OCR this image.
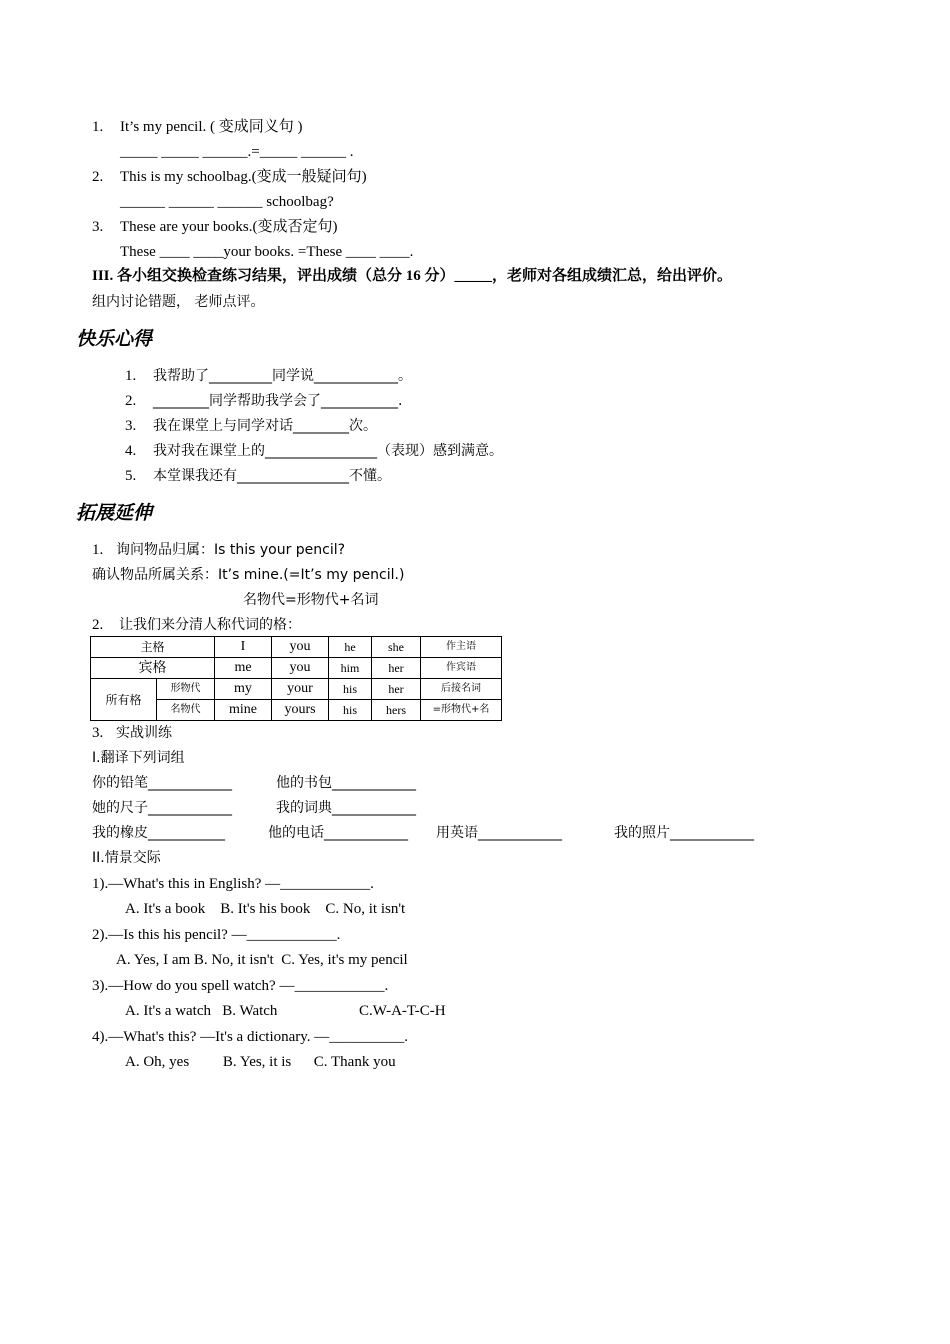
1. It’s my pencil. ( 变成同义句 )
_____ _____ ______.=_____ ______ .
2. This is my schoolbag.(变成一般疑问句)
______ ______ ______ schoolbag?
3. These are your books.(变成否定句)
These ____ ____your books. =These ____ ____.
III. 各小组交换检查练习结果，评出成绩（总分 16 分）_____，老师对各组成绩汇总，给出评价。
组内讨论错题， 老师点评。
快乐心得
1. 我帮助了_________同学说____________。
2. ________同学帮助我学会了___________.
3. 我在课堂上与同学对话________次。
4. 我对我在课堂上的________________（表现）感到满意。
5. 本堂课我还有________________不懂。
拓展延伸
1. 询问物品归属：Is this your pencil?
确认物品所属关系：It’s mine.(=It’s my pencil.)
名物代=形物代+名词
2. 让我们来分清人称代词的格：
主格		I	you	he	she	作主语
宾格		me	you	him	her	作宾语
所有格	形物代	my	your	his	her	后接名词
	名物代	mine	yours	his	hers	=形物代+名
3. 实战训练
I.翻译下列词组
你的铅笔____________	他的书包____________
她的尺子____________	我的词典____________
我的橡皮___________	他的电话____________ 用英语____________	我的照片____________
II.情景交际
1).—What's this in English? —____________.
A. It's a book    B. It's his book    C. No, it isn't
2).—Is this his pencil? —____________.
A. Yes, I am B. No, it isn't  C. Yes, it's my pencil
3).—How do you spell watch? —____________.
A. It's a watch   B. Watch	C.W-A-T-C-H
4).—What's this? —It's a dictionary. —__________.
A. Oh, yes         B. Yes, it is      C. Thank you
